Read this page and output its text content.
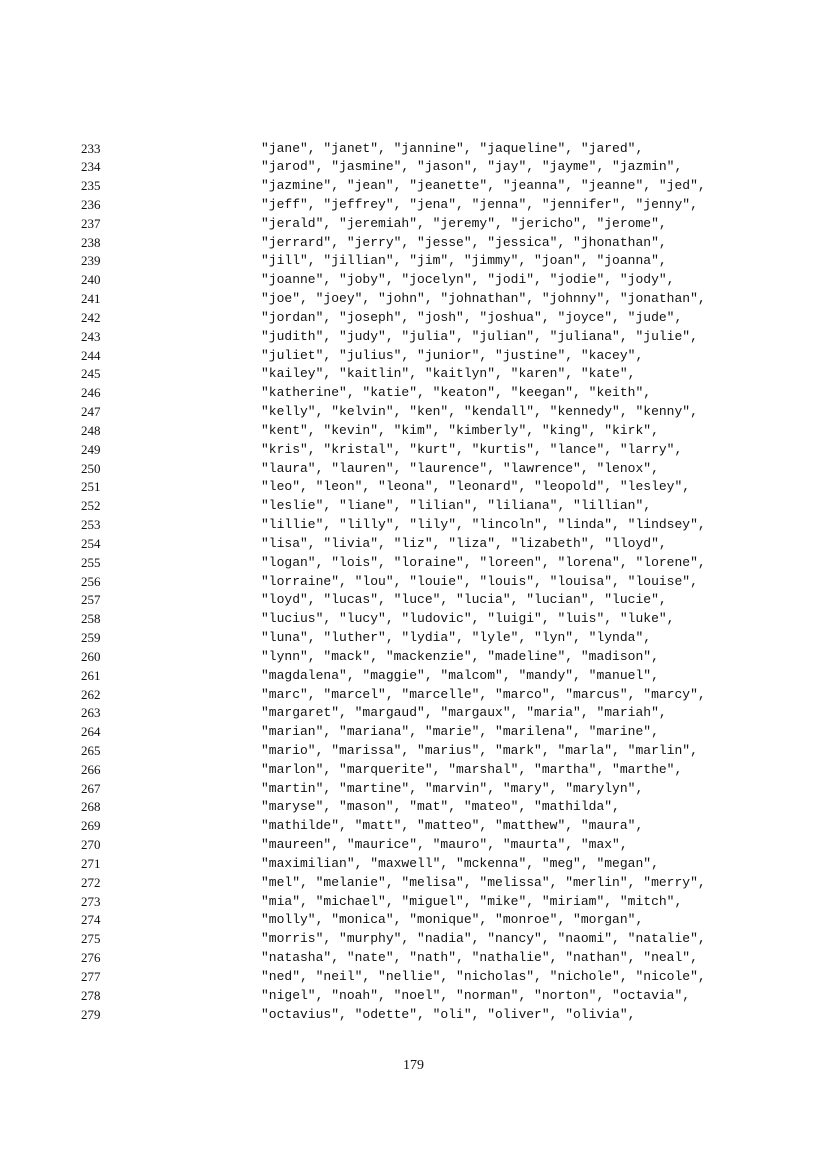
233	"jane", "janet", "jannine", "jaqueline", "jared",
234	"jarod", "jasmine", "jason", "jay", "jayme", "jazmin",
235	"jazmine", "jean", "jeanette", "jeanna", "jeanne", "jed",
236	"jeff", "jeffrey", "jena", "jenna", "jennifer", "jenny",
237	"jerald", "jeremiah", "jeremy", "jericho", "jerome",
238	"jerrard", "jerry", "jesse", "jessica", "jhonathan",
239	"jill", "jillian", "jim", "jimmy", "joan", "joanna",
240	"joanne", "joby", "jocelyn", "jodi", "jodie", "jody",
241	"joe", "joey", "john", "johnathan", "johnny", "jonathan",
242	"jordan", "joseph", "josh", "joshua", "joyce", "jude",
243	"judith", "judy", "julia", "julian", "juliana", "julie",
244	"juliet", "julius", "junior", "justine", "kacey",
245	"kailey", "kaitlin", "kaitlyn", "karen", "kate",
246	"katherine", "katie", "keaton", "keegan", "keith",
247	"kelly", "kelvin", "ken", "kendall", "kennedy", "kenny",
248	"kent", "kevin", "kim", "kimberly", "king", "kirk",
249	"kris", "kristal", "kurt", "kurtis", "lance", "larry",
250	"laura", "lauren", "laurence", "lawrence", "lenox",
251	"leo", "leon", "leona", "leonard", "leopold", "lesley",
252	"leslie", "liane", "lilian", "liliana", "lillian",
253	"lillie", "lilly", "lily", "lincoln", "linda", "lindsey",
254	"lisa", "livia", "liz", "liza", "lizabeth", "lloyd",
255	"logan", "lois", "loraine", "loreen", "lorena", "lorene",
256	"lorraine", "lou", "louie", "louis", "louisa", "louise",
257	"loyd", "lucas", "luce", "lucia", "lucian", "lucie",
258	"lucius", "lucy", "ludovic", "luigi", "luis", "luke",
259	"luna", "luther", "lydia", "lyle", "lyn", "lynda",
260	"lynn", "mack", "mackenzie", "madeline", "madison",
261	"magdalena", "maggie", "malcom", "mandy", "manuel",
262	"marc", "marcel", "marcelle", "marco", "marcus", "marcy",
263	"margaret", "margaud", "margaux", "maria", "mariah",
264	"marian", "mariana", "marie", "marilena", "marine",
265	"mario", "marissa", "marius", "mark", "marla", "marlin",
266	"marlon", "marquerite", "marshal", "martha", "marthe",
267	"martin", "martine", "marvin", "mary", "marylyn",
268	"maryse", "mason", "mat", "mateo", "mathilda",
269	"mathilde", "matt", "matteo", "matthew", "maura",
270	"maureen", "maurice", "mauro", "maurta", "max",
271	"maximilian", "maxwell", "mckenna", "meg", "megan",
272	"mel", "melanie", "melisa", "melissa", "merlin", "merry",
273	"mia", "michael", "miguel", "mike", "miriam", "mitch",
274	"molly", "monica", "monique", "monroe", "morgan",
275	"morris", "murphy", "nadia", "nancy", "naomi", "natalie",
276	"natasha", "nate", "nath", "nathalie", "nathan", "neal",
277	"ned", "neil", "nellie", "nicholas", "nichole", "nicole",
278	"nigel", "noah", "noel", "norman", "norton", "octavia",
279	"octavius", "odette", "oli", "oliver", "olivia",
179
